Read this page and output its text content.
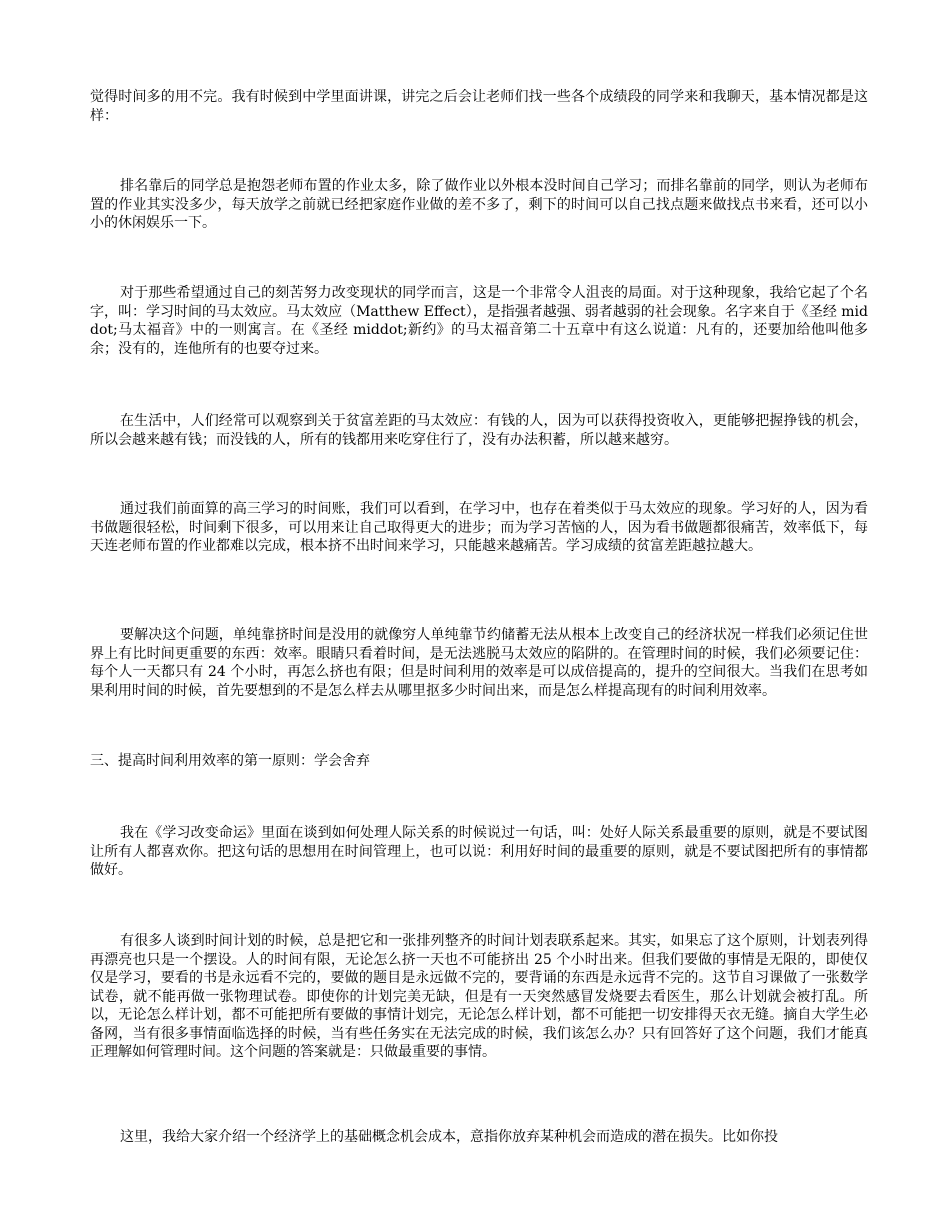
觉得时间多的用不完。我有时候到中学里面讲课，讲完之后会让老师们找一些各个成绩段的同学来和我聊天，基本情况都是这样：

排名靠后的同学总是抱怨老师布置的作业太多，除了做作业以外根本没时间自己学习；而排名靠前的同学，则认为老师布置的作业其实没多少，每天放学之前就已经把家庭作业做的差不多了，剩下的时间可以自己找点题来做找点书来看，还可以小小的休闲娱乐一下。

对于那些希望通过自己的刻苦努力改变现状的同学而言，这是一个非常令人沮丧的局面。对于这种现象，我给它起了个名字，叫：学习时间的马太效应。马太效应（Matthew Effect），是指强者越强、弱者越弱的社会现象。名字来自于《圣经 middot;马太福音》中的一则寓言。在《圣经 middot;新约》的马太福音第二十五章中有这么说道：凡有的，还要加给他叫他多余；没有的，连他所有的也要夺过来。

在生活中，人们经常可以观察到关于贫富差距的马太效应：有钱的人，因为可以获得投资收入，更能够把握挣钱的机会，所以会越来越有钱；而没钱的人，所有的钱都用来吃穿住行了，没有办法积蓄，所以越来越穷。

通过我们前面算的高三学习的时间账，我们可以看到，在学习中，也存在着类似于马太效应的现象。学习好的人，因为看书做题很轻松，时间剩下很多，可以用来让自己取得更大的进步；而为学习苦恼的人，因为看书做题都很痛苦，效率低下，每天连老师布置的作业都难以完成，根本挤不出时间来学习，只能越来越痛苦。学习成绩的贫富差距越拉越大。

要解决这个问题，单纯靠挤时间是没用的就像穷人单纯靠节约储蓄无法从根本上改变自己的经济状况一样我们必须记住世界上有比时间更重要的东西：效率。眼睛只看着时间，是无法逃脱马太效应的陷阱的。在管理时间的时候，我们必须要记住：每个人一天都只有 24 个小时，再怎么挤也有限；但是时间利用的效率是可以成倍提高的，提升的空间很大。当我们在思考如果利用时间的时候，首先要想到的不是怎么样去从哪里抠多少时间出来，而是怎么样提高现有的时间利用效率。

三、提高时间利用效率的第一原则：学会舍弃

我在《学习改变命运》里面在谈到如何处理人际关系的时候说过一句话，叫：处好人际关系最重要的原则，就是不要试图让所有人都喜欢你。把这句话的思想用在时间管理上，也可以说：利用好时间的最重要的原则，就是不要试图把所有的事情都做好。

有很多人谈到时间计划的时候，总是把它和一张排列整齐的时间计划表联系起来。其实，如果忘了这个原则，计划表列得再漂亮也只是一个摆设。人的时间有限，无论怎么挤一天也不可能挤出 25 个小时出来。但我们要做的事情是无限的，即使仅仅是学习，要看的书是永远看不完的，要做的题目是永远做不完的，要背诵的东西是永远背不完的。这节自习课做了一张数学试卷，就不能再做一张物理试卷。即使你的计划完美无缺，但是有一天突然感冒发烧要去看医生，那么计划就会被打乱。所以，无论怎么样计划，都不可能把所有要做的事情计划完，无论怎么样计划，都不可能把一切安排得天衣无缝。摘自大学生必备网，当有很多事情面临选择的时候，当有些任务实在无法完成的时候，我们该怎么办？只有回答好了这个问题，我们才能真正理解如何管理时间。这个问题的答案就是：只做最重要的事情。

这里，我给大家介绍一个经济学上的基础概念机会成本，意指你放弃某种机会而造成的潜在损失。比如你投
